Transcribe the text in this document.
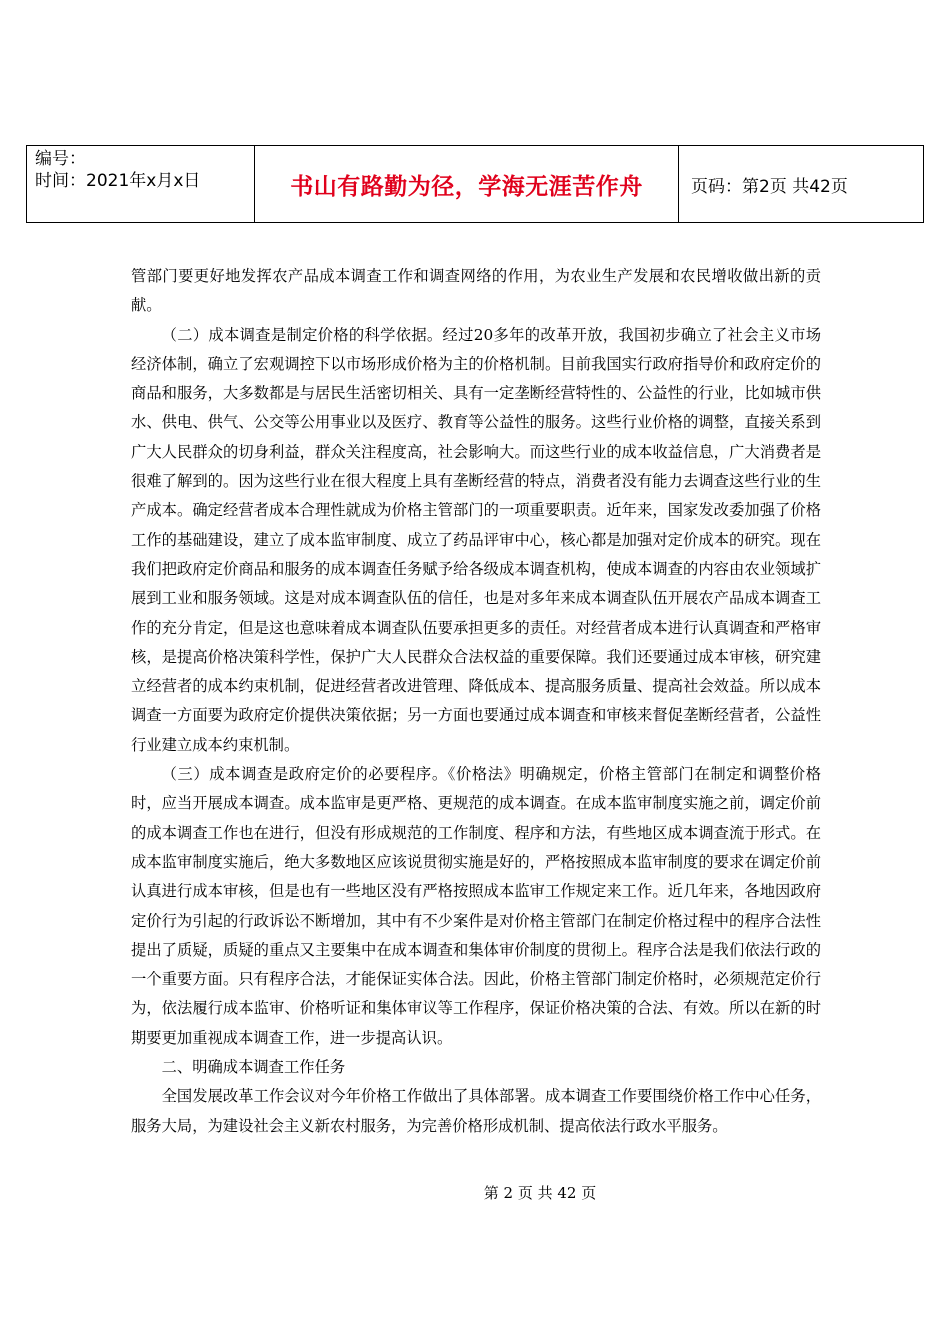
编号：
时间：2021年x月x日	书山有路勤为径，学海无涯苦作舟	页码：第2页 共42页

管部门要更好地发挥农产品成本调查工作和调查网络的作用，为农业生产发展和农民增收做出新的贡献。

（二）成本调查是制定价格的科学依据。经过20多年的改革开放，我国初步确立了社会主义市场经济体制，确立了宏观调控下以市场形成价格为主的价格机制。目前我国实行政府指导价和政府定价的商品和服务，大多数都是与居民生活密切相关、具有一定垄断经营特性的、公益性的行业，比如城市供水、供电、供气、公交等公用事业以及医疗、教育等公益性的服务。这些行业价格的调整，直接关系到广大人民群众的切身利益，群众关注程度高，社会影响大。而这些行业的成本收益信息，广大消费者是很难了解到的。因为这些行业在很大程度上具有垄断经营的特点，消费者没有能力去调查这些行业的生产成本。确定经营者成本合理性就成为价格主管部门的一项重要职责。近年来，国家发改委加强了价格工作的基础建设，建立了成本监审制度、成立了药品评审中心，核心都是加强对定价成本的研究。现在我们把政府定价商品和服务的成本调查任务赋予给各级成本调查机构，使成本调查的内容由农业领域扩展到工业和服务领域。这是对成本调查队伍的信任，也是对多年来成本调查队伍开展农产品成本调查工作的充分肯定，但是这也意味着成本调查队伍要承担更多的责任。对经营者成本进行认真调查和严格审核，是提高价格决策科学性，保护广大人民群众合法权益的重要保障。我们还要通过成本审核，研究建立经营者的成本约束机制，促进经营者改进管理、降低成本、提高服务质量、提高社会效益。所以成本调查一方面要为政府定价提供决策依据；另一方面也要通过成本调查和审核来督促垄断经营者，公益性行业建立成本约束机制。

（三）成本调查是政府定价的必要程序。《价格法》明确规定，价格主管部门在制定和调整价格时，应当开展成本调查。成本监审是更严格、更规范的成本调查。在成本监审制度实施之前，调定价前的成本调查工作也在进行，但没有形成规范的工作制度、程序和方法，有些地区成本调查流于形式。在成本监审制度实施后，绝大多数地区应该说贯彻实施是好的，严格按照成本监审制度的要求在调定价前认真进行成本审核，但是也有一些地区没有严格按照成本监审工作规定来工作。近几年来，各地因政府定价行为引起的行政诉讼不断增加，其中有不少案件是对价格主管部门在制定价格过程中的程序合法性提出了质疑，质疑的重点又主要集中在成本调查和集体审价制度的贯彻上。程序合法是我们依法行政的一个重要方面。只有程序合法，才能保证实体合法。因此，价格主管部门制定价格时，必须规范定价行为，依法履行成本监审、价格听证和集体审议等工作程序，保证价格决策的合法、有效。所以在新的时期要更加重视成本调查工作，进一步提高认识。

二、明确成本调查工作任务

全国发展改革工作会议对今年价格工作做出了具体部署。成本调查工作要围绕价格工作中心任务，服务大局，为建设社会主义新农村服务，为完善价格形成机制、提高依法行政水平服务。

第 2 页 共 42 页
